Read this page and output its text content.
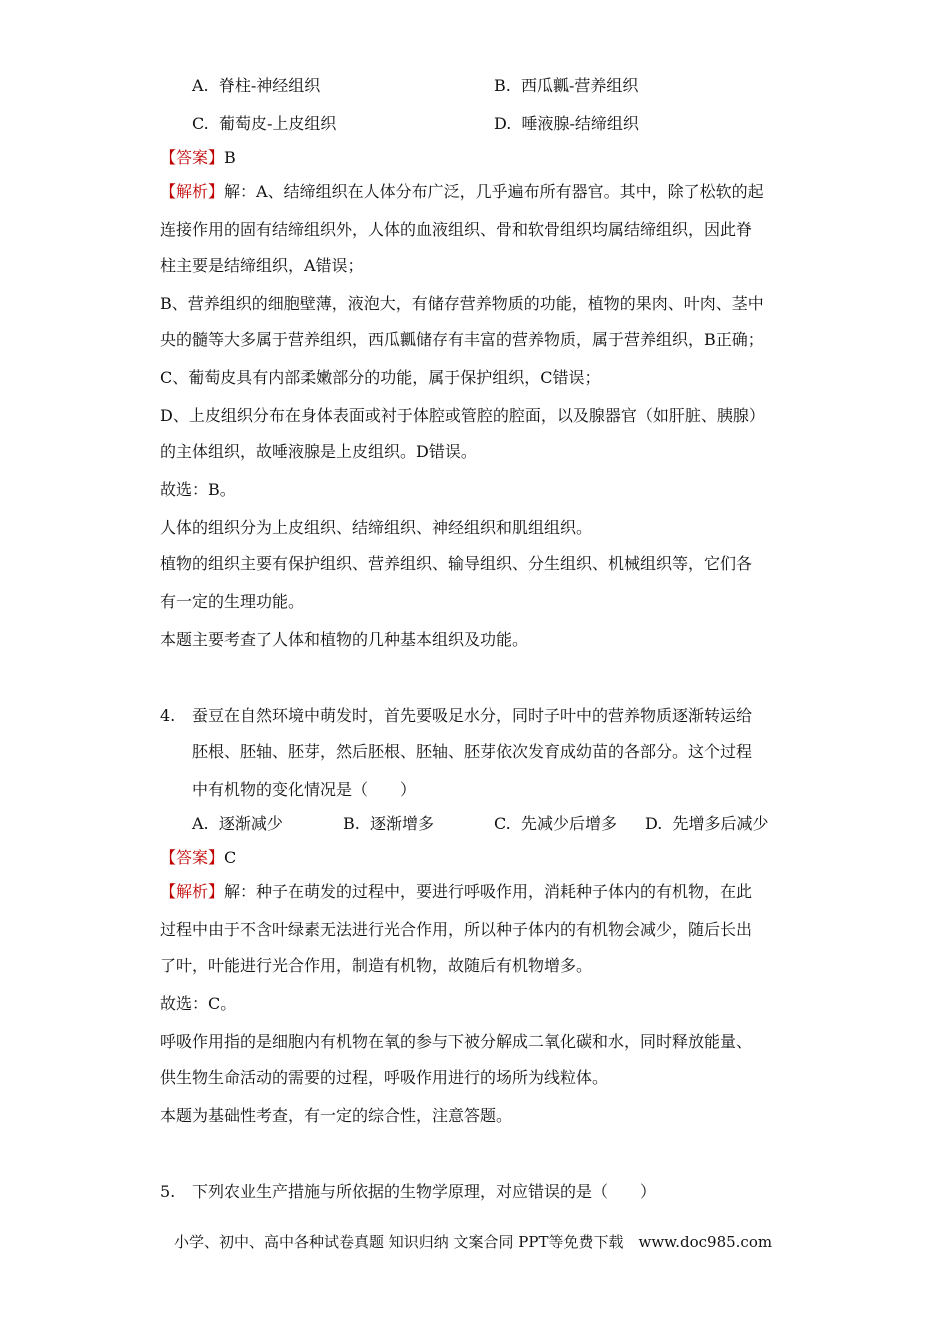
A. 脊柱-神经组织	B. 西瓜瓤-营养组织
C. 葡萄皮-上皮组织	D. 唾液腺-结缔组织
【答案】B
【解析】解：A、结缔组织在人体分布广泛，几乎遍布所有器官。其中，除了松软的起
连接作用的固有结缔组织外，人体的血液组织、骨和软骨组织均属结缔组织，因此脊
柱主要是结缔组织，A错误；
B、营养组织的细胞壁薄，液泡大，有储存营养物质的功能，植物的果肉、叶肉、茎中
央的髓等大多属于营养组织，西瓜瓤储存有丰富的营养物质，属于营养组织，B正确；
C、葡萄皮具有内部柔嫩部分的功能，属于保护组织，C错误；
D、上皮组织分布在身体表面或衬于体腔或管腔的腔面，以及腺器官（如肝脏、胰腺）
的主体组织，故唾液腺是上皮组织。D错误。
故选：B。
人体的组织分为上皮组织、结缔组织、神经组织和肌组组织。
植物的组织主要有保护组织、营养组织、输导组织、分生组织、机械组织等，它们各
有一定的生理功能。
本题主要考查了人体和植物的几种基本组织及功能。
4. 蚕豆在自然环境中萌发时，首先要吸足水分，同时子叶中的营养物质逐渐转运给
胚根、胚轴、胚芽，然后胚根、胚轴、胚芽依次发育成幼苗的各部分。这个过程
中有机物的变化情况是（　　）
A. 逐渐减少	B. 逐渐增多	C. 先减少后增多 D. 先增多后减少
【答案】C
【解析】解：种子在萌发的过程中，要进行呼吸作用，消耗种子体内的有机物，在此
过程中由于不含叶绿素无法进行光合作用，所以种子体内的有机物会减少，随后长出
了叶，叶能进行光合作用，制造有机物，故随后有机物增多。
故选：C。
呼吸作用指的是细胞内有机物在氧的参与下被分解成二氧化碳和水，同时释放能量、
供生物生命活动的需要的过程，呼吸作用进行的场所为线粒体。
本题为基础性考查，有一定的综合性，注意答题。
5. 下列农业生产措施与所依据的生物学原理，对应错误的是（　　）
小学、初中、高中各种试卷真题 知识归纳 文案合同 PPT等免费下载　www.doc985.com
